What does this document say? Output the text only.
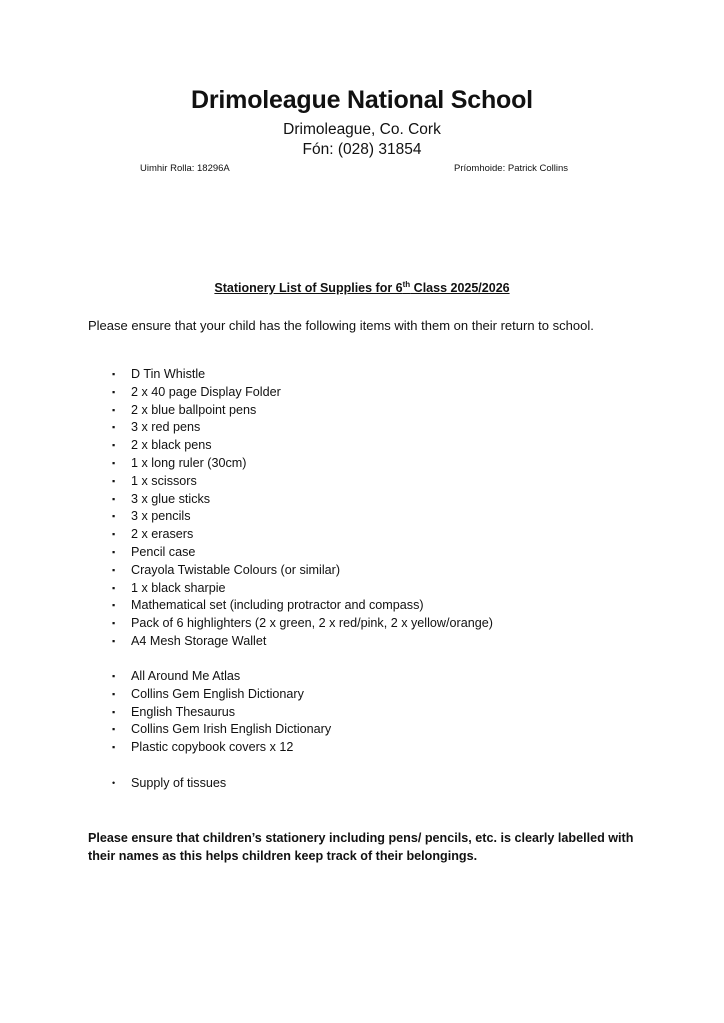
Drimoleague National School
Drimoleague, Co. Cork
Fón: (028) 31854
Uimhir Rolla: 18296A	Príomhoide: Patrick Collins
Stationery List of Supplies for 6th Class 2025/2026
Please ensure that your child has the following items with them on their return to school.
▪ D Tin Whistle
▪ 2 x 40 page Display Folder
▪ 2 x blue ballpoint pens
▪ 3 x red pens
▪ 2 x black pens
▪ 1 x long ruler (30cm)
▪ 1 x scissors
▪ 3 x glue sticks
▪ 3 x pencils
▪ 2 x erasers
▪ Pencil case
▪ Crayola Twistable Colours (or similar)
▪ 1 x black sharpie
▪ Mathematical set (including protractor and compass)
▪ Pack of 6 highlighters (2 x green, 2 x red/pink, 2 x yellow/orange)
▪ A4 Mesh Storage Wallet
▪ All Around Me Atlas
▪ Collins Gem English Dictionary
▪ English Thesaurus
▪ Collins Gem Irish English Dictionary
▪ Plastic copybook covers x 12
• Supply of tissues
Please ensure that children’s stationery including pens/ pencils, etc. is clearly labelled with their names as this helps children keep track of their belongings.
